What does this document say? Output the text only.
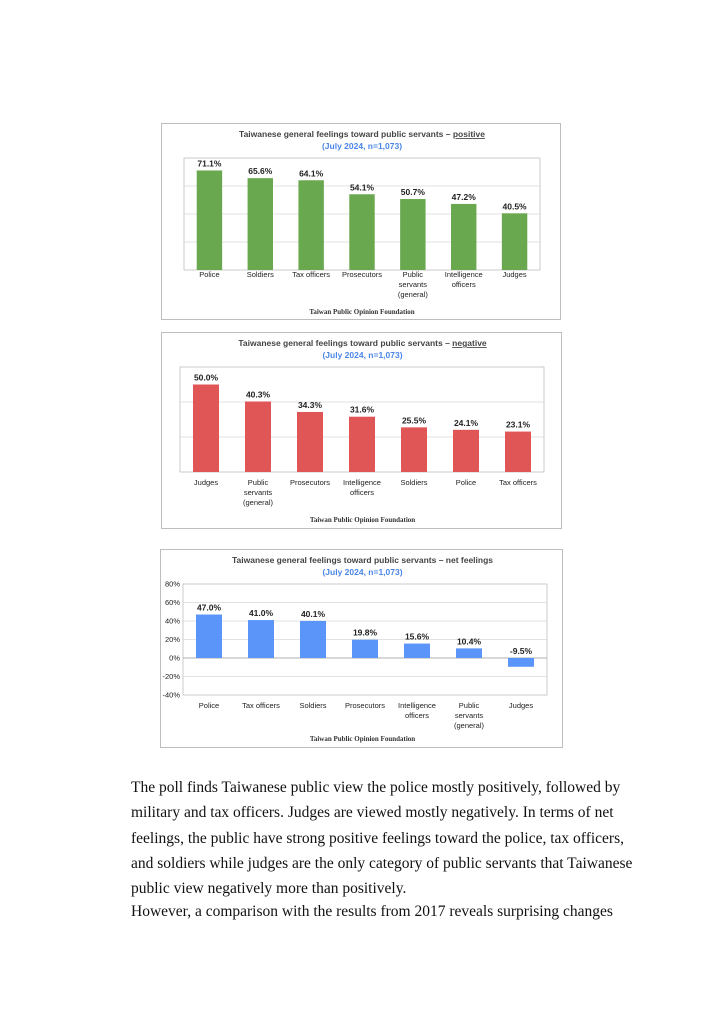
Taiwanese general feelings toward public servants – positive
(July 2024, n=1,073)
71.1%
Police
65.6%
Soldiers
64.1%
Tax officers
54.1%
Prosecutors
50.7%
Public servants (general)
47.2%
Intelligence officers
40.5%
Judges
Taiwan Public Opinion Foundation
Taiwanese general feelings toward public servants – negative
(July 2024, n=1,073)
50.0%
Judges
40.3%
Public servants (general)
34.3%
Prosecutors
31.6%
Intelligence officers
25.5%
Soldiers
24.1%
Police
23.1%
Tax officers
Taiwan Public Opinion Foundation
Taiwanese general feelings toward public servants – net feelings
(July 2024, n=1,073)
-40%
-20%
0%
20%
40%
60%
80%
47.0%
Police
41.0%
Tax officers
40.1%
Soldiers
19.8%
Prosecutors
15.6%
Intelligence officers
10.4%
Public servants (general)
-9.5%
Judges
Taiwan Public Opinion Foundation
The poll finds Taiwanese public view the police mostly positively, followed by
military and tax officers. Judges are viewed mostly negatively. In terms of net
feelings, the public have strong positive feelings toward the police, tax officers,
and soldiers while judges are the only category of public servants that Taiwanese
public view negatively more than positively.
However, a comparison with the results from 2017 reveals surprising changes
